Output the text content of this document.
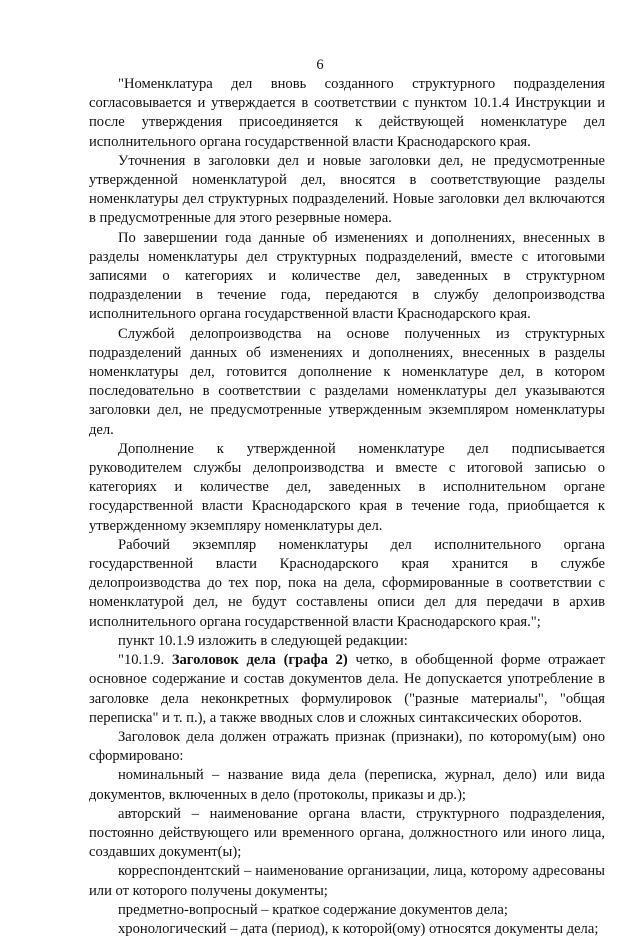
6

"Номенклатура дел вновь созданного структурного подразделения согласовывается и утверждается в соответствии с пунктом 10.1.4 Инструкции и после утверждения присоединяется к действующей номенклатуре дел исполнительного органа государственной власти Краснодарского края.

Уточнения в заголовки дел и новые заголовки дел, не предусмотренные утвержденной номенклатурой дел, вносятся в соответствующие разделы номенклатуры дел структурных подразделений. Новые заголовки дел включаются в предусмотренные для этого резервные номера.

По завершении года данные об изменениях и дополнениях, внесенных в разделы номенклатуры дел структурных подразделений, вместе с итоговыми записями о категориях и количестве дел, заведенных в структурном подразделении в течение года, передаются в службу делопроизводства исполнительного органа государственной власти Краснодарского края.

Службой делопроизводства на основе полученных из структурных подразделений данных об изменениях и дополнениях, внесенных в разделы номенклатуры дел, готовится дополнение к номенклатуре дел, в котором последовательно в соответствии с разделами номенклатуры дел указываются заголовки дел, не предусмотренные утвержденным экземпляром номенклатуры дел.

Дополнение к утвержденной номенклатуре дел подписывается руководителем службы делопроизводства и вместе с итоговой записью о категориях и количестве дел, заведенных в исполнительном органе государственной власти Краснодарского края в течение года, приобщается к утвержденному экземпляру номенклатуры дел.

Рабочий экземпляр номенклатуры дел исполнительного органа государственной власти Краснодарского края хранится в службе делопроизводства до тех пор, пока на дела, сформированные в соответствии с номенклатурой дел, не будут составлены описи дел для передачи в архив исполнительного органа государственной власти Краснодарского края.";

пункт 10.1.9 изложить в следующей редакции:

"10.1.9. Заголовок дела (графа 2) четко, в обобщенной форме отражает основное содержание и состав документов дела. Не допускается употребление в заголовке дела неконкретных формулировок ("разные материалы", "общая переписка" и т. п.), а также вводных слов и сложных синтаксических оборотов.

Заголовок дела должен отражать признак (признаки), по которому(ым) оно сформировано:

номинальный – название вида дела (переписка, журнал, дело) или вида документов, включенных в дело (протоколы, приказы и др.);

авторский – наименование органа власти, структурного подразделения, постоянно действующего или временного органа, должностного или иного лица, создавших документ(ы);

корреспондентский – наименование организации, лица, которому адресованы или от которого получены документы;

предметно-вопросный – краткое содержание документов дела;

хронологический – дата (период), к которой(ому) относятся документы дела;
